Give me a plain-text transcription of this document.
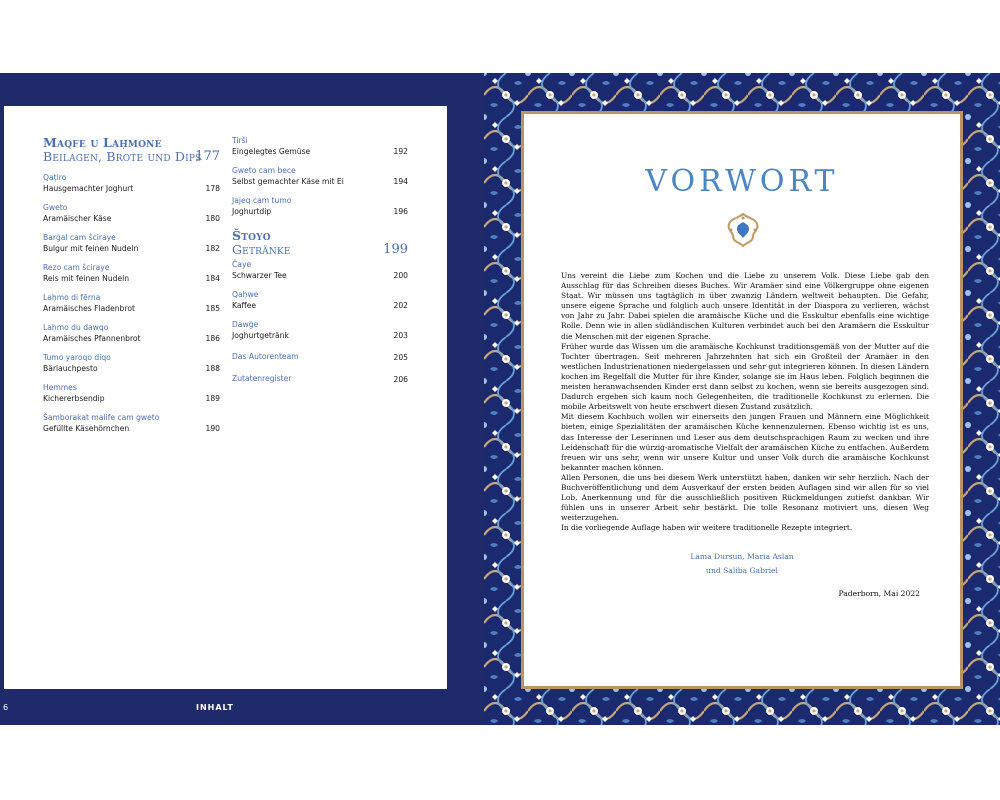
Maqfe u Laḥmone
Beilagen, Brote und Dips
177
Qaṭiro
Hausgemachter Joghurt	178
Gweto
Aramäischer Käse	180
Barġal cam ŝciraye
Bulgur mit feinen Nudeln	182
Rezo cam ŝciraye
Reis mit feinen Nudeln	184
Laḥmo di fērna
Aramäisches Fladenbrot	185
Laḥmo du dawqo
Aramäisches Pfannenbrot	186
Tumo yaroqo diqo
Bärlauchpesto	188
Hemmes
Kichererbsendip	189
Šamborakat malife cam gweto
Gefüllte Käsehörnchen	190
Tirši
Eingelegtes Gemüse	192
Gweto cam bece
Selbst gemachter Käse mit Ei	194
Jajeq cam tumo
Joghurtdip	196
Štoyo
Getränke	199
Čaye
Schwarzer Tee	200
Qaḥwe
Kaffee	202
Dawġe
Joghurtgetränk	203
Das Autorenteam	205
Zutatenregister	206
6	INHALT
VORWORT

Uns vereint die Liebe zum Kochen und die Liebe zu unserem Volk. Diese Liebe gab den Ausschlag für das Schreiben dieses Buches. Wir Aramäer sind eine Völkergruppe ohne eigenen Staat. Wir müssen uns tagtäglich in über zwanzig Ländern weltweit behaupten. Die Gefahr, unsere eigene Sprache und folglich auch unsere Identität in der Diaspora zu verlieren, wächst von Jahr zu Jahr. Dabei spielen die aramäische Küche und die Esskultur ebenfalls eine wichtige Rolle. Denn wie in allen südländischen Kulturen verbindet auch bei den Aramäern die Esskultur die Menschen mit der eigenen Sprache.

Früher wurde das Wissen um die aramäische Kochkunst traditionsgemäß von der Mutter auf die Tochter übertragen. Seit mehreren Jahrzehnten hat sich ein Großteil der Aramäer in den westlichen Industrienationen niedergelassen und sehr gut integrieren können. In diesen Ländern kochen im Regelfall die Mutter für ihre Kinder, solange sie im Haus leben. Folglich beginnen die meisten heranwachsenden Kinder erst dann selbst zu kochen, wenn sie bereits ausgezogen sind. Dadurch ergeben sich kaum noch Gelegenheiten, die traditionelle Kochkunst zu erlernen. Die mobile Arbeitswelt von heute erschwert diesen Zustand zusätzlich.

Mit diesem Kochbuch wollen wir einerseits den jungen Frauen und Männern eine Möglichkeit bieten, einige Spezialitäten der aramäischen Küche kennenzulernen. Ebenso wichtig ist es uns, das Interesse der Leserinnen und Leser aus dem deutschsprachigen Raum zu wecken und ihre Leidenschaft für die würzig-aromatische Vielfalt der aramäischen Küche zu entfachen. Außerdem freuen wir uns sehr, wenn wir unsere Kultur und unser Volk durch die aramäische Kochkunst bekannter machen können.

Allen Personen, die uns bei diesem Werk unterstützt haben, danken wir sehr herzlich. Nach der Buchveröffentlichung und dem Ausverkauf der ersten beiden Auflagen sind wir allen für so viel Lob, Anerkennung und für die ausschließlich positiven Rückmeldungen zutiefst dankbar. Wir fühlen uns in unserer Arbeit sehr bestärkt. Die tolle Resonanz motiviert uns, diesen Weg weiterzugehen.

In die vorliegende Auflage haben wir weitere traditionelle Rezepte integriert.

Lama Dursun, Maria Aslan
und Saliba Gabriel
Paderborn, Mai 2022
